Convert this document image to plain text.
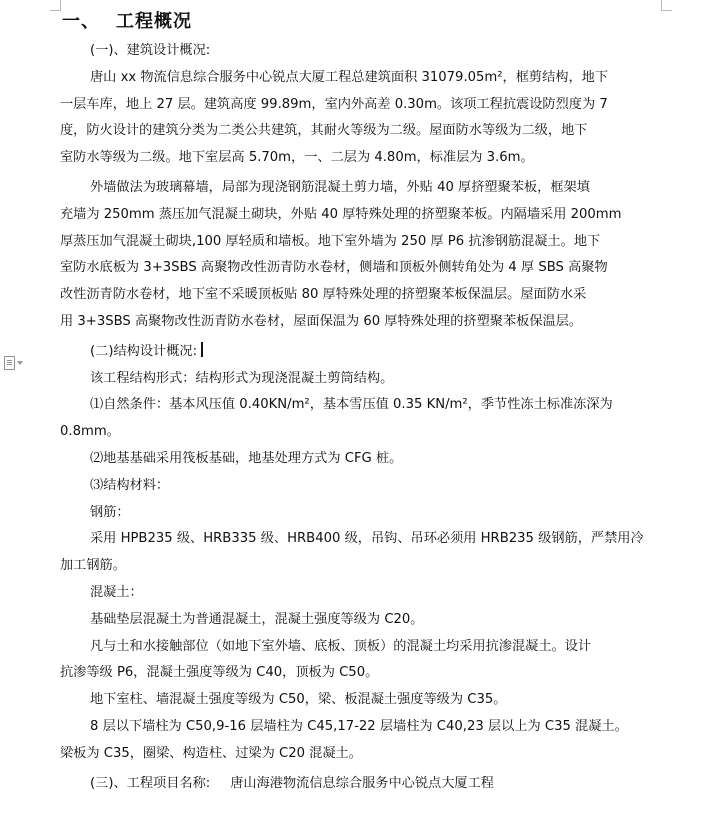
一、 工程概况
(一)、建筑设计概况:
唐山 xx 物流信息综合服务中心锐点大厦工程总建筑面积 31079.05m²，框剪结构，地下
一层车库，地上 27 层。建筑高度 99.89m，室内外高差 0.30m。该项工程抗震设防烈度为 7
度，防火设计的建筑分类为二类公共建筑，其耐火等级为二级。屋面防水等级为二级，地下
室防水等级为二级。地下室层高 5.70m，一、二层为 4.80m，标准层为 3.6m。
外墙做法为玻璃幕墙，局部为现浇钢筋混凝土剪力墙，外贴 40 厚挤塑聚苯板，框架填
充墙为 250mm 蒸压加气混凝土砌块，外贴 40 厚特殊处理的挤塑聚苯板。内隔墙采用 200mm
厚蒸压加气混凝土砌块,100 厚轻质和墙板。地下室外墙为 250 厚 P6 抗渗钢筋混凝土。地下
室防水底板为 3+3SBS 高聚物改性沥青防水卷材，侧墙和顶板外侧转角处为 4 厚 SBS 高聚物
改性沥青防水卷材，地下室不采暖顶板贴 80 厚特殊处理的挤塑聚苯板保温层。屋面防水采
用 3+3SBS 高聚物改性沥青防水卷材，屋面保温为 60 厚特殊处理的挤塑聚苯板保温层。
(二)结构设计概况:
该工程结构形式：结构形式为现浇混凝土剪筒结构。
⑴自然条件：基本风压值 0.40KN/m²，基本雪压值 0.35 KN/m²，季节性冻土标准冻深为
0.8mm。
⑵地基基础采用筏板基础，地基处理方式为 CFG 桩。
⑶结构材料：
钢筋：
采用 HPB235 级、HRB335 级、HRB400 级，吊钩、吊环必须用 HRB235 级钢筋，严禁用冷
加工钢筋。
混凝土：
基础垫层混凝土为普通混凝土，混凝土强度等级为 C20。
凡与土和水接触部位（如地下室外墙、底板、顶板）的混凝土均采用抗渗混凝土。设计
抗渗等级 P6，混凝土强度等级为 C40，顶板为 C50。
地下室柱、墙混凝土强度等级为 C50，梁、板混凝土强度等级为 C35。
8 层以下墙柱为 C50,9-16 层墙柱为 C45,17-22 层墙柱为 C40,23 层以上为 C35 混凝土。
梁板为 C35，圈梁、构造柱、过梁为 C20 混凝土。
(三)、工程项目名称: 唐山海港物流信息综合服务中心锐点大厦工程
